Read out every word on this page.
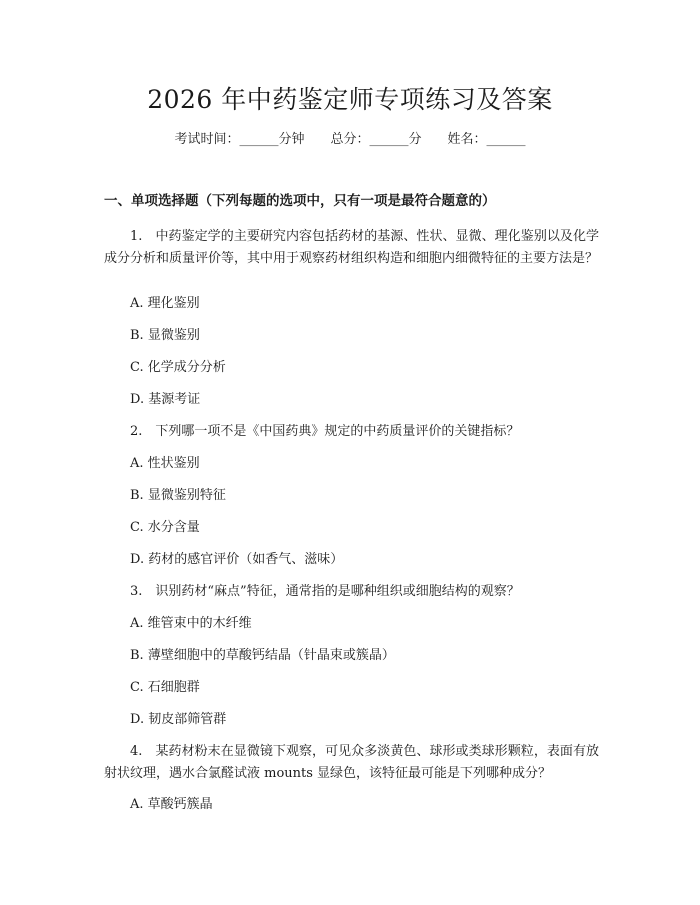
2026 年中药鉴定师专项练习及答案
考试时间：______分钟 总分：______分 姓名：______
一、单项选择题（下列每题的选项中，只有一项是最符合题意的）
1.　中药鉴定学的主要研究内容包括药材的基源、性状、显微、理化鉴别以及化学成分分析和质量评价等，其中用于观察药材组织构造和细胞内细微特征的主要方法是？
A. 理化鉴别
B. 显微鉴别
C. 化学成分分析
D. 基源考证
2.　下列哪一项不是《中国药典》规定的中药质量评价的关键指标？
A. 性状鉴别
B. 显微鉴别特征
C. 水分含量
D. 药材的感官评价（如香气、滋味）
3.　识别药材“麻点”特征，通常指的是哪种组织或细胞结构的观察？
A. 维管束中的木纤维
B. 薄壁细胞中的草酸钙结晶（针晶束或簇晶）
C. 石细胞群
D. 韧皮部筛管群
4.　某药材粉末在显微镜下观察，可见众多淡黄色、球形或类球形颗粒，表面有放射状纹理，遇水合氯醛试液 mounts 显绿色，该特征最可能是下列哪种成分？
A. 草酸钙簇晶
